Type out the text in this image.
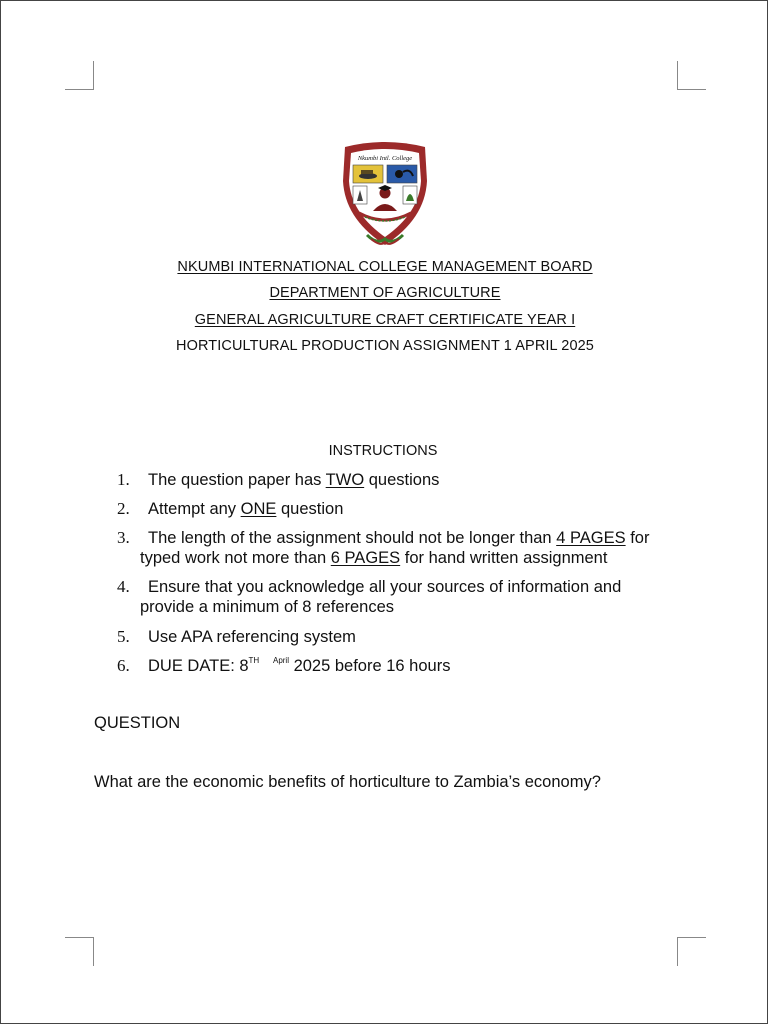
Nkumbi Intl. College
NKUMBI INTERNATIONAL COLLEGE MANAGEMENT BOARD
DEPARTMENT OF AGRICULTURE
GENERAL AGRICULTURE CRAFT CERTIFICATE YEAR I
HORTICULTURAL PRODUCTION ASSIGNMENT 1 APRIL 2025
INSTRUCTIONS
1.	The question paper has TWO questions
2.	Attempt any ONE question
3.	The length of the assignment should not be longer than 4 PAGES for
typed work not more than 6 PAGES for hand written assignment
4.	Ensure that you acknowledge all your sources of information and
provide a minimum of 8 references
5.	Use APA referencing system
6.	DUE DATE: 8TH $^{April}$ 2025 before 16 hours
QUESTION
What are the economic benefits of horticulture to Zambia’s economy?
